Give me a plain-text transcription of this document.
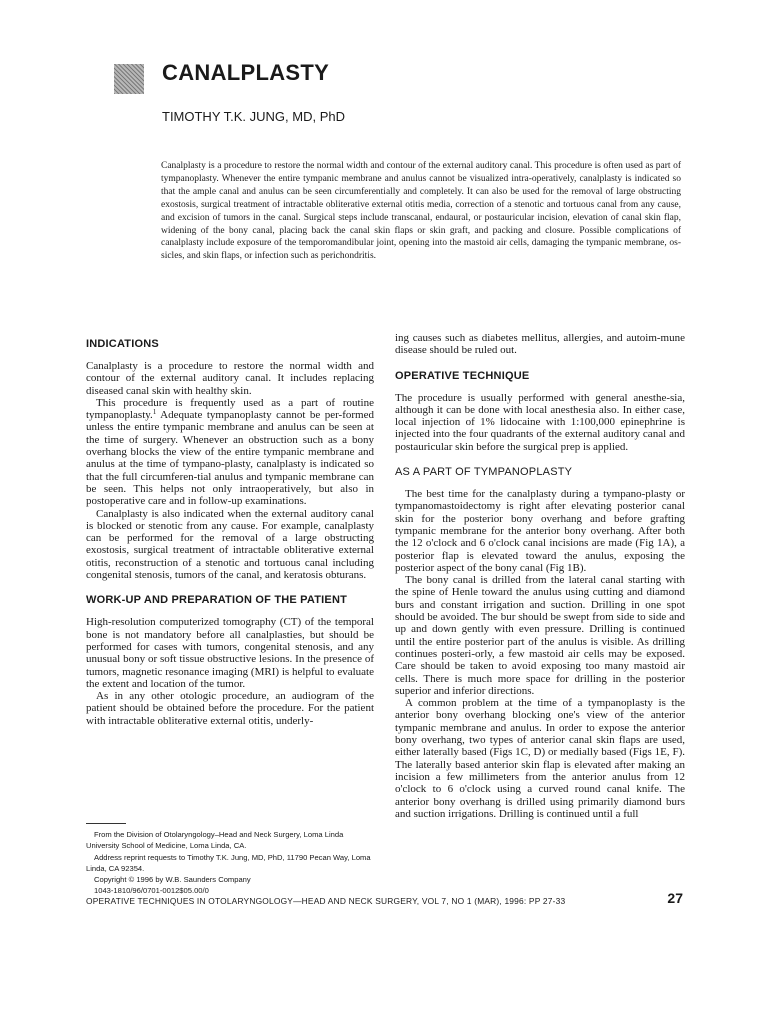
CANALPLASTY

TIMOTHY T.K. JUNG, MD, PhD

Canalplasty is a procedure to restore the normal width and contour of the external auditory canal. This procedure is often used as part of tympanoplasty. Whenever the entire tympanic membrane and anulus cannot be visualized intra-operatively, canalplasty is indicated so that the ample canal and anulus can be seen circumferentially and completely. It can also be used for the removal of large obstructing exostosis, surgical treatment of intractable obliterative external otitis media, correction of a stenotic and tortuous canal from any cause, and excision of tumors in the canal. Surgical steps include transcanal, endaural, or postauricular incision, elevation of canal skin flap, widening of the bony canal, placing back the canal skin flaps or skin graft, and packing and closure. Possible complications of canalplasty include exposure of the temporomandibular joint, opening into the mastoid air cells, damaging the tympanic membrane, os-sicles, and skin flaps, or infection such as perichondritis.

INDICATIONS

Canalplasty is a procedure to restore the normal width and contour of the external auditory canal. It includes replacing diseased canal skin with healthy skin.

This procedure is frequently used as a part of routine tympanoplasty.$^1$ Adequate tympanoplasty cannot be per-formed unless the entire tympanic membrane and anulus can be seen at the time of surgery. Whenever an obstruction such as a bony overhang blocks the view of the entire tympanic membrane and anulus at the time of tympano-plasty, canalplasty is indicated so that the full circumferen-tial anulus and tympanic membrane can be seen. This helps not only intraoperatively, but also in postoperative care and in follow-up examinations.

Canalplasty is also indicated when the external auditory canal is blocked or stenotic from any cause. For example, canalplasty can be performed for the removal of a large obstructing exostosis, surgical treatment of intractable obliterative external otitis, reconstruction of a stenotic and tortuous canal including congenital stenosis, tumors of the canal, and keratosis obturans.

WORK-UP AND PREPARATION OF THE PATIENT

High-resolution computerized tomography (CT) of the temporal bone is not mandatory before all canalplasties, but should be performed for cases with tumors, congenital stenosis, and any unusual bony or soft tissue obstructive lesions. In the presence of tumors, magnetic resonance imaging (MRI) is helpful to evaluate the extent and location of the tumor.

As in any other otologic procedure, an audiogram of the patient should be obtained before the procedure. For the patient with intractable obliterative external otitis, underly-

ing causes such as diabetes mellitus, allergies, and autoim-mune disease should be ruled out.

OPERATIVE TECHNIQUE

The procedure is usually performed with general anesthe-sia, although it can be done with local anesthesia also. In either case, local injection of 1% lidocaine with 1:100,000 epinephrine is injected into the four quadrants of the external auditory canal and postauricular skin before the surgical prep is applied.

AS A PART OF TYMPANOPLASTY

The best time for the canalplasty during a tympano-plasty or tympanomastoidectomy is right after elevating posterior canal skin for the posterior bony overhang and before grafting tympanic membrane for the anterior bony overhang. After both the 12 o'clock and 6 o'clock canal incisions are made (Fig 1A), a posterior flap is elevated toward the anulus, exposing the posterior aspect of the bony canal (Fig 1B).

The bony canal is drilled from the lateral canal starting with the spine of Henle toward the anulus using cutting and diamond burs and constant irrigation and suction. Drilling in one spot should be avoided. The bur should be swept from side to side and up and down gently with even pressure. Drilling is continued until the entire posterior part of the anulus is visible. As drilling continues posteri-orly, a few mastoid air cells may be exposed. Care should be taken to avoid exposing too many mastoid air cells. There is much more space for drilling in the posterior superior and inferior directions.

A common problem at the time of a tympanoplasty is the anterior bony overhang blocking one's view of the anterior tympanic membrane and anulus. In order to expose the anterior bony overhang, two types of anterior canal skin flaps are used, either laterally based (Figs 1C, D) or medially based (Figs 1E, F). The laterally based anterior skin flap is elevated after making an incision a few millimeters from the anterior anulus from 12 o'clock to 6 o'clock using a curved round canal knife. The anterior bony overhang is drilled using primarily diamond burs and suction irrigations. Drilling is continued until a full

From the Division of Otolaryngology–Head and Neck Surgery, Loma Linda University School of Medicine, Loma Linda, CA.

Address reprint requests to Timothy T.K. Jung, MD, PhD, 11790 Pecan Way, Loma Linda, CA 92354.

Copyright © 1996 by W.B. Saunders Company

1043-1810/96/0701-0012$05.00/0

OPERATIVE TECHNIQUES IN OTOLARYNGOLOGY—HEAD AND NECK SURGERY, VOL 7, NO 1 (MAR), 1996: PP 27-33	27
